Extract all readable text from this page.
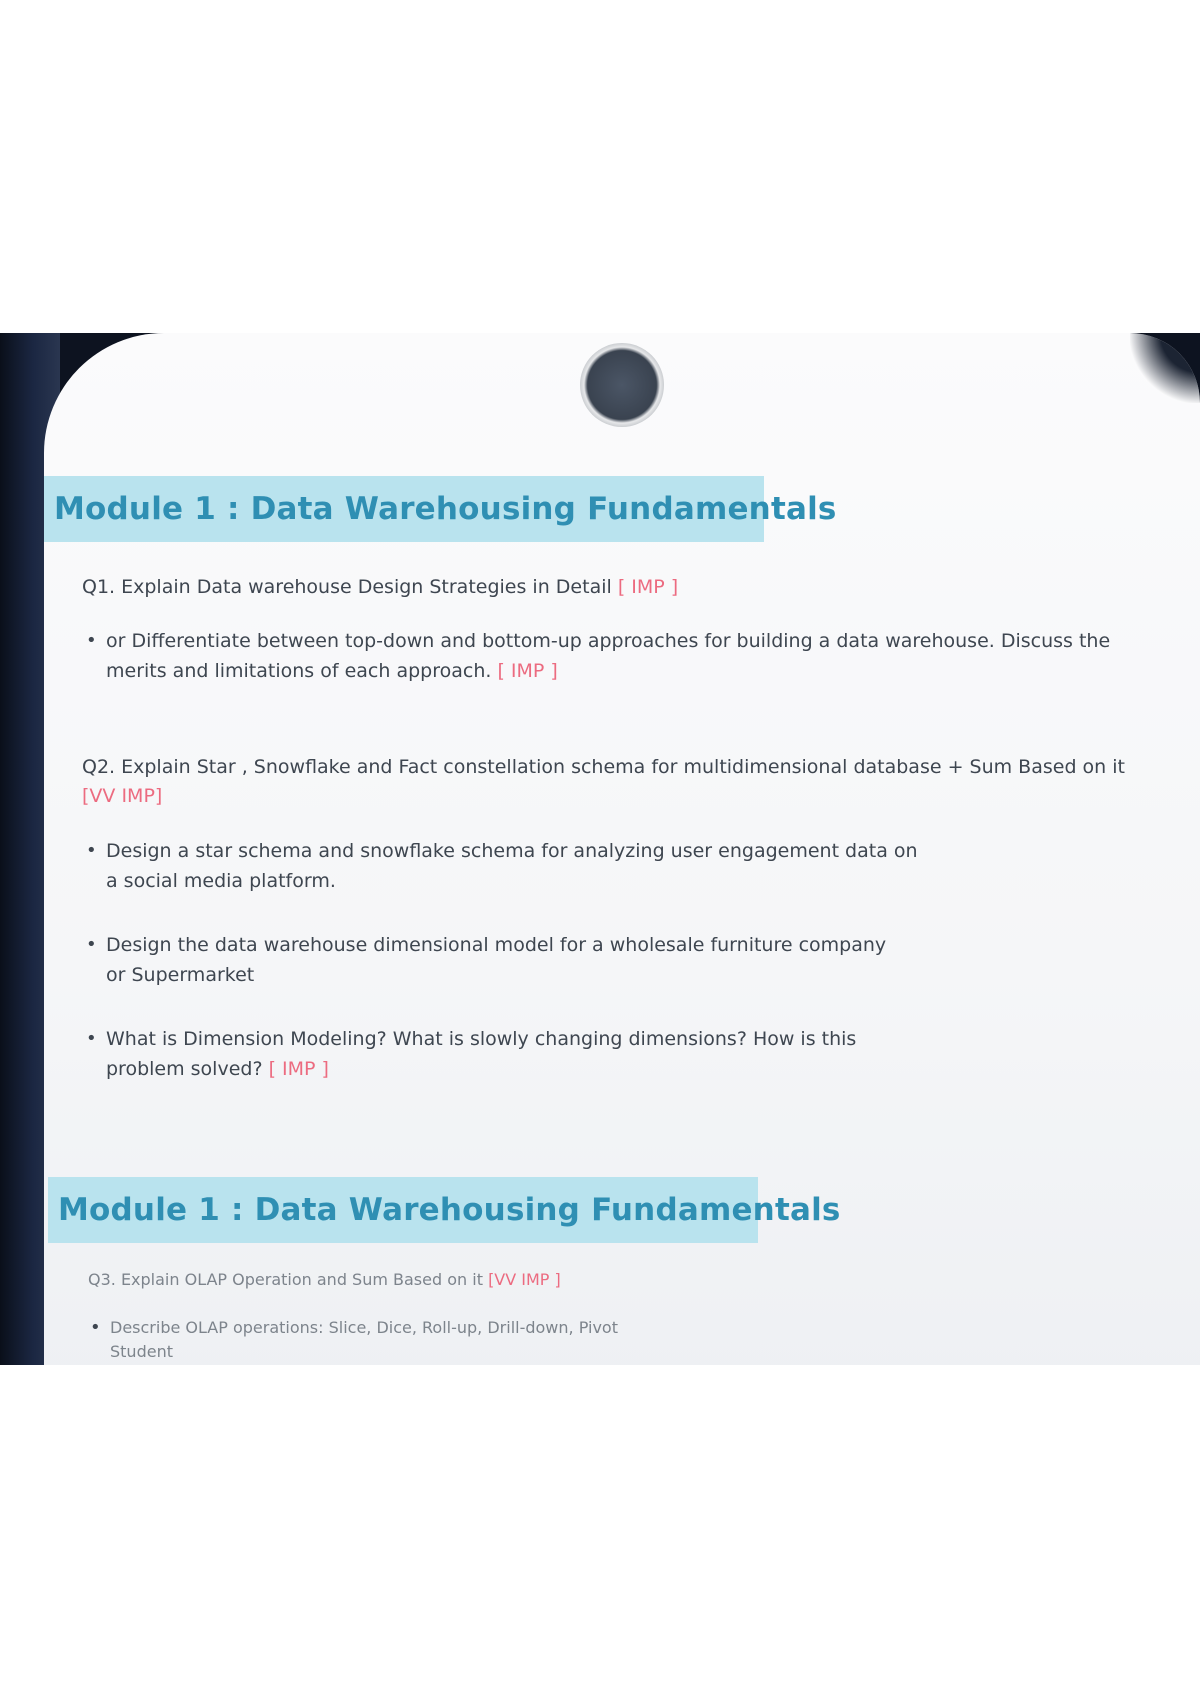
Module 1 : Data Warehousing Fundamentals
Q1. Explain Data warehouse Design Strategies in Detail [ IMP ]
• or Differentiate between top-down and bottom-up approaches for building a data warehouse. Discuss the
merits and limitations of each approach. [ IMP ]
Q2. Explain Star , Snowflake and Fact constellation schema for multidimensional database + Sum Based on it
[VV IMP]
• Design a star schema and snowflake schema for analyzing user engagement data on
a social media platform.
• Design the data warehouse dimensional model for a wholesale furniture company
or Supermarket
• What is Dimension Modeling? What is slowly changing dimensions? How is this
problem solved? [ IMP ]
Module 1 : Data Warehousing Fundamentals
Q3. Explain OLAP Operation and Sum Based on it [VV IMP ]
• Describe OLAP operations: Slice, Dice, Roll-up, Drill-down, Pivot
Student
